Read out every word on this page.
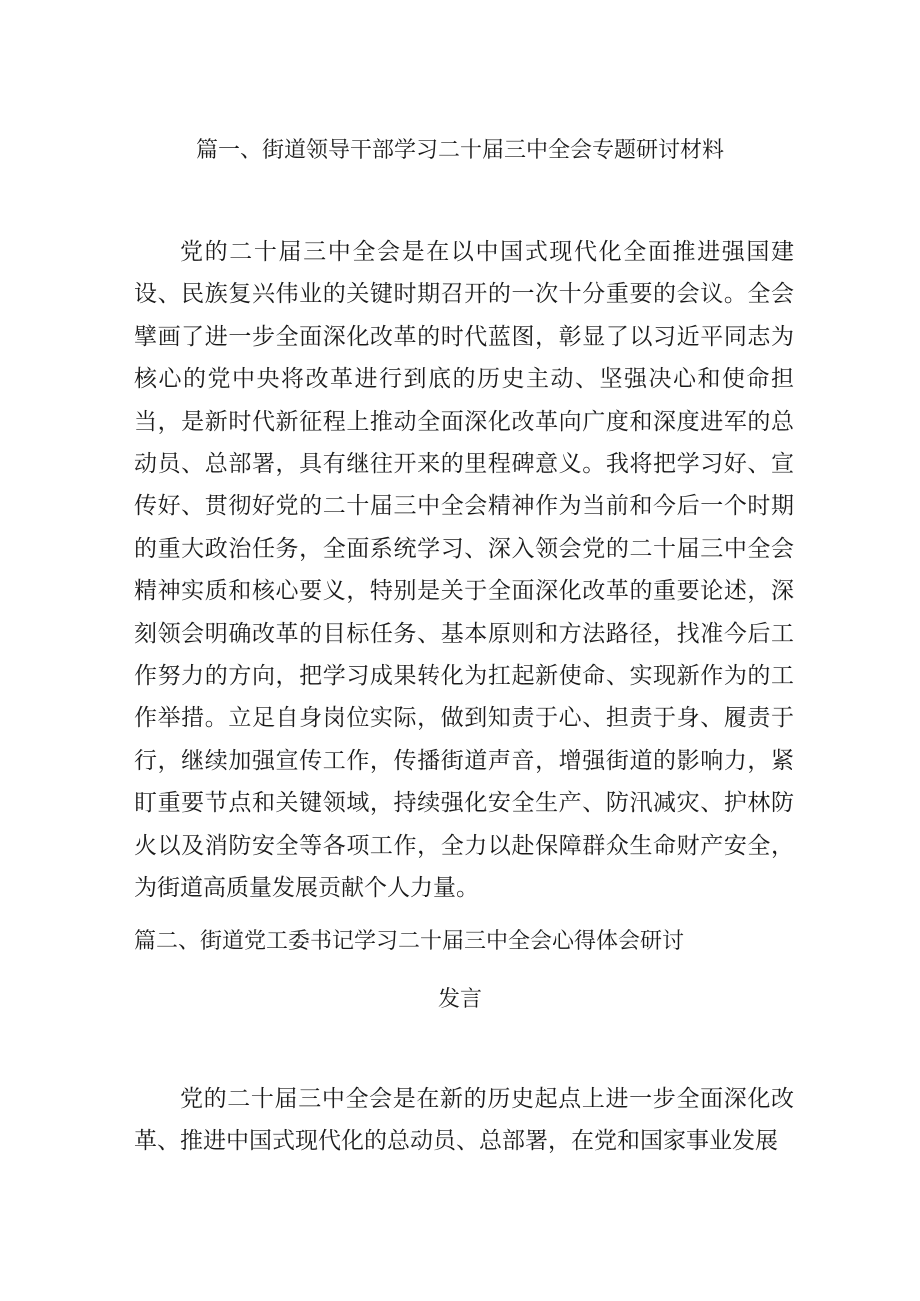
篇一、街道领导干部学习二十届三中全会专题研讨材料

党的二十届三中全会是在以中国式现代化全面推进强国建设、民族复兴伟业的关键时期召开的一次十分重要的会议。全会擘画了进一步全面深化改革的时代蓝图，彰显了以习近平同志为核心的党中央将改革进行到底的历史主动、坚强决心和使命担当，是新时代新征程上推动全面深化改革向广度和深度进军的总动员、总部署，具有继往开来的里程碑意义。我将把学习好、宣传好、贯彻好党的二十届三中全会精神作为当前和今后一个时期的重大政治任务，全面系统学习、深入领会党的二十届三中全会精神实质和核心要义，特别是关于全面深化改革的重要论述，深刻领会明确改革的目标任务、基本原则和方法路径，找准今后工作努力的方向，把学习成果转化为扛起新使命、实现新作为的工作举措。立足自身岗位实际，做到知责于心、担责于身、履责于行，继续加强宣传工作，传播街道声音，增强街道的影响力，紧盯重要节点和关键领域，持续强化安全生产、防汛减灾、护林防火以及消防安全等各项工作，全力以赴保障群众生命财产安全，为街道高质量发展贡献个人力量。

篇二、街道党工委书记学习二十届三中全会心得体会研讨
发言

党的二十届三中全会是在新的历史起点上进一步全面深化改革、推进中国式现代化的总动员、总部署，在党和国家事业发展
